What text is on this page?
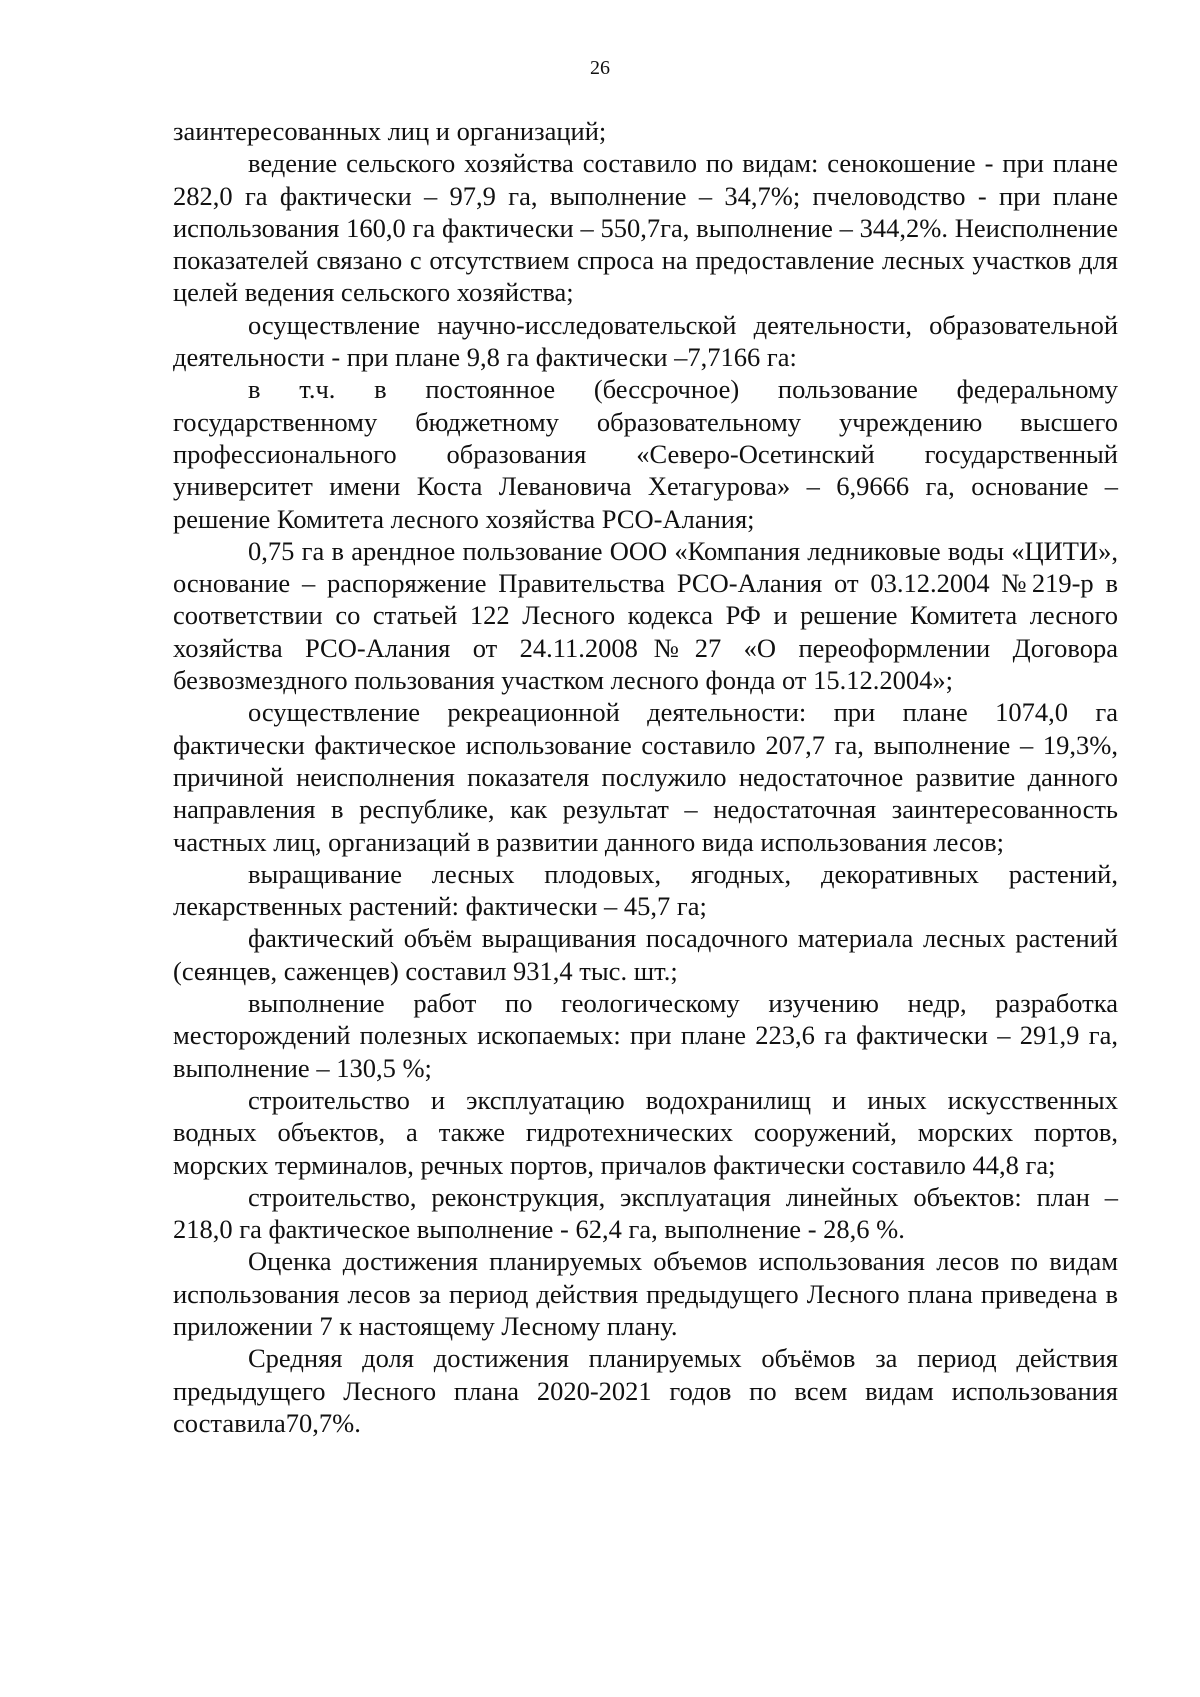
26

заинтересованных лиц и организаций;

ведение сельского хозяйства составило по видам: сенокошение - при плане 282,0 га фактически – 97,9 га, выполнение – 34,7%; пчеловодство - при плане использования 160,0 га фактически – 550,7га, выполнение – 344,2%. Неисполнение показателей связано с отсутствием спроса на предоставление лесных участков для целей ведения сельского хозяйства;

осуществление научно-исследовательской деятельности, образовательной деятельности - при плане 9,8 га фактически –7,7166 га:

в т.ч. в постоянное (бессрочное) пользование федеральному государственному бюджетному образовательному учреждению высшего профессионального образования «Северо-Осетинский государственный университет имени Коста Левановича Хетагурова» – 6,9666 га, основание – решение Комитета лесного хозяйства РСО-Алания;

0,75 га в арендное пользование ООО «Компания ледниковые воды «ЦИТИ», основание – распоряжение Правительства РСО-Алания от 03.12.2004 №219-р в соответствии со статьей 122 Лесного кодекса РФ и решение Комитета лесного хозяйства РСО-Алания от 24.11.2008№27 «О переоформлении Договора безвозмездного пользования участком лесного фонда от 15.12.2004»;

осуществление рекреационной деятельности: при плане 1074,0 га фактически фактическое использование составило 207,7 га, выполнение – 19,3%, причиной неисполнения показателя послужило недостаточное развитие данного направления в республике, как результат – недостаточная заинтересованность частных лиц, организаций в развитии данного вида использования лесов;

выращивание лесных плодовых, ягодных, декоративных растений, лекарственных растений: фактически – 45,7 га;

фактический объём выращивания посадочного материала лесных растений (сеянцев, саженцев) составил 931,4 тыс. шт.;

выполнение работ по геологическому изучению недр, разработка месторождений полезных ископаемых: при плане 223,6 га фактически – 291,9 га, выполнение – 130,5 %;

строительство и эксплуатацию водохранилищ и иных искусственных водных объектов, а также гидротехнических сооружений, морских портов, морских терминалов, речных портов, причалов фактически составило 44,8 га;

строительство, реконструкция, эксплуатация линейных объектов: план –218,0 га фактическое выполнение - 62,4 га, выполнение - 28,6 %.

Оценка достижения планируемых объемов использования лесов по видам использования лесов за период действия предыдущего Лесного плана приведена в приложении 7 к настоящему Лесному плану.

Средняя доля достижения планируемых объёмов за период действия предыдущего Лесного плана 2020-2021 годов по всем видам использования составила70,7%.
